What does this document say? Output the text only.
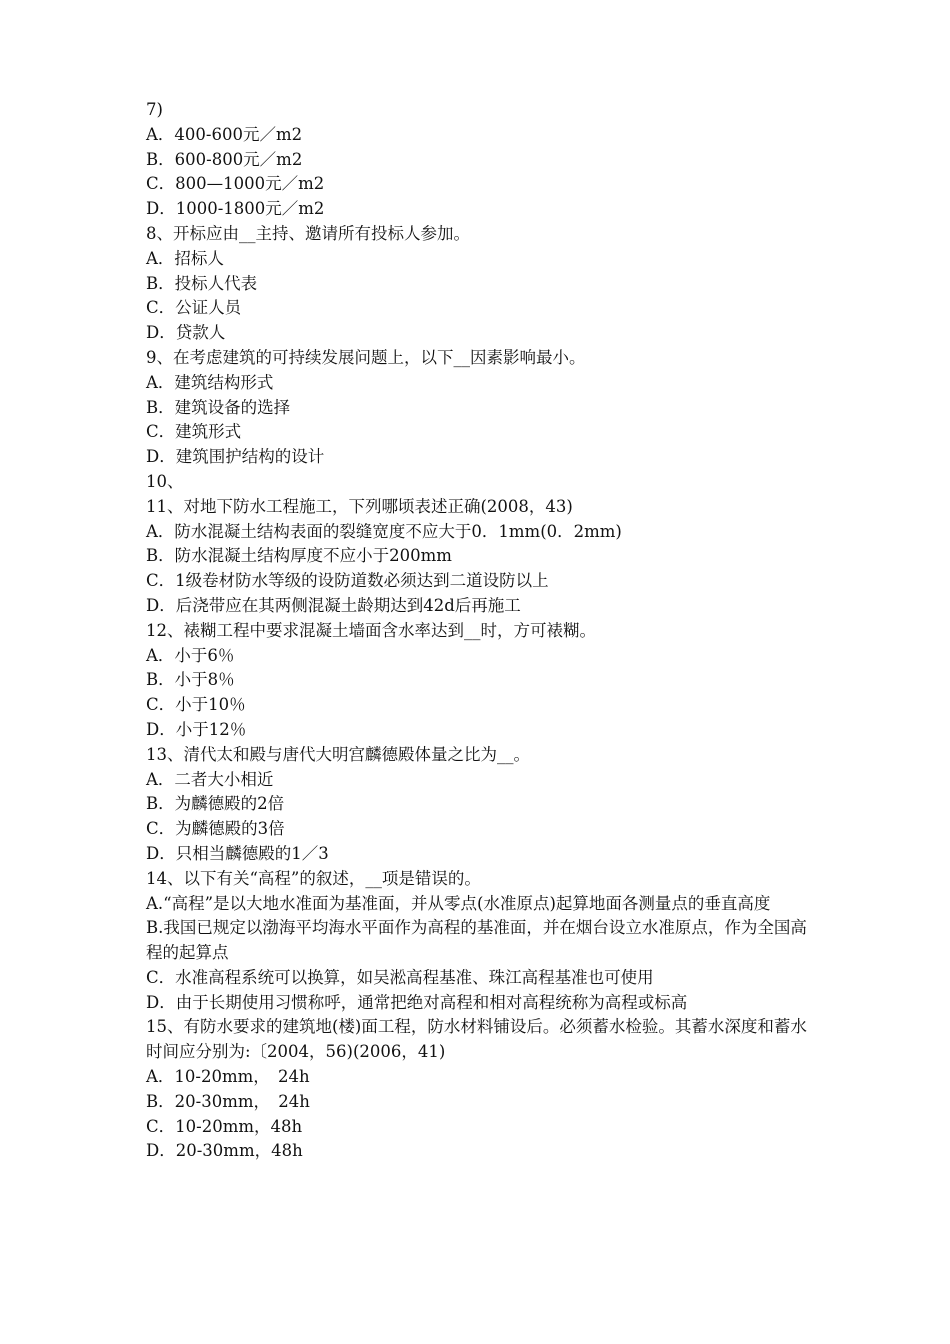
7)

A．400-600元／m2

B．600-800元／m2

C．800—1000元／m2

D．1000-1800元／m2

8、开标应由__主持、邀请所有投标人参加。

A．招标人

B．投标人代表

C．公证人员

D．贷款人

9、在考虑建筑的可持续发展问题上，以下__因素影响最小。

A．建筑结构形式

B．建筑设备的选择

C．建筑形式

D．建筑围护结构的设计

10、

11、对地下防水工程施工，下列哪顷表述正确(2008，43)

A．防水混凝土结构表面的裂缝宽度不应大于0．1mm(0．2mm)

B．防水混凝土结构厚度不应小于200mm

C．1级卷材防水等级的设防道数必须达到二道设防以上

D．后浇带应在其两侧混凝土龄期达到42d后再施工

12、裱糊工程中要求混凝土墙面含水率达到__时，方可裱糊。

A．小于6％

B．小于8％

C．小于10％

D．小于12％

13、清代太和殿与唐代大明宫麟德殿体量之比为__。

A．二者大小相近

B．为麟德殿的2倍

C．为麟德殿的3倍

D．只相当麟德殿的1／3

14、以下有关“高程”的叙述，__项是错误的。

A.“高程”是以大地水准面为基准面，并从零点(水准原点)起算地面各测量点的垂直高度

B.我国已规定以渤海平均海水平面作为高程的基准面，并在烟台设立水准原点，作为全国高程的起算点

C．水准高程系统可以换算，如吴淞高程基准、珠江高程基准也可使用

D．由于长期使用习惯称呼，通常把绝对高程和相对高程统称为高程或标高

15、有防水要求的建筑地(楼)面工程，防水材料铺设后。必须蓄水检验。其蓄水深度和蓄水时间应分别为:〔2004，56)(2006，41)

A．10-20mm，　24h

B．20-30mm，　24h

C．10-20mm，48h

D．20-30mm，48h
